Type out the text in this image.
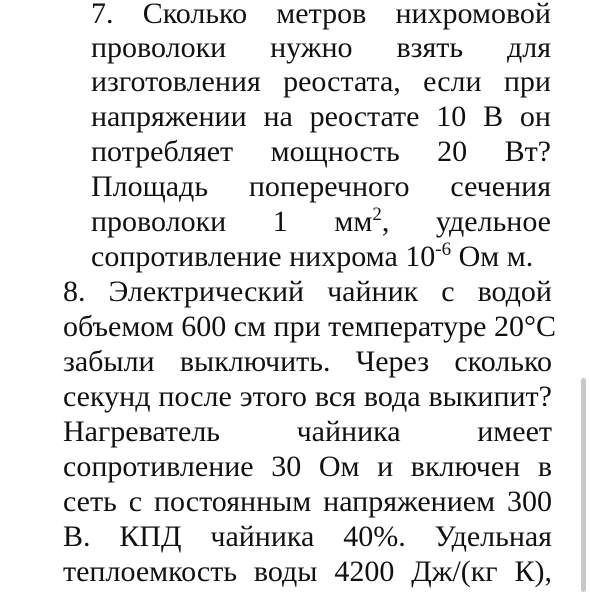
7. Сколько метров нихромовой
проволоки нужно взять для
изготовления реостата, если при
напряжении на реостате 10 В он
потребляет мощность 20 Вт?
Площадь поперечного сечения
проволоки 1 $мм^2$, удельное
сопротивление нихрома $10^{-6}$ Ом м.
8. Электрический чайник с водой
объемом 600 см при температуре 20°С
забыли выключить. Через сколько
секунд после этого вся вода выкипит?
Нагреватель чайника имеет
сопротивление 30 Ом и включен в
сеть с постоянным напряжением 300
В. КПД чайника 40%. Удельная
теплоемкость воды 4200 Дж/(кг К),
